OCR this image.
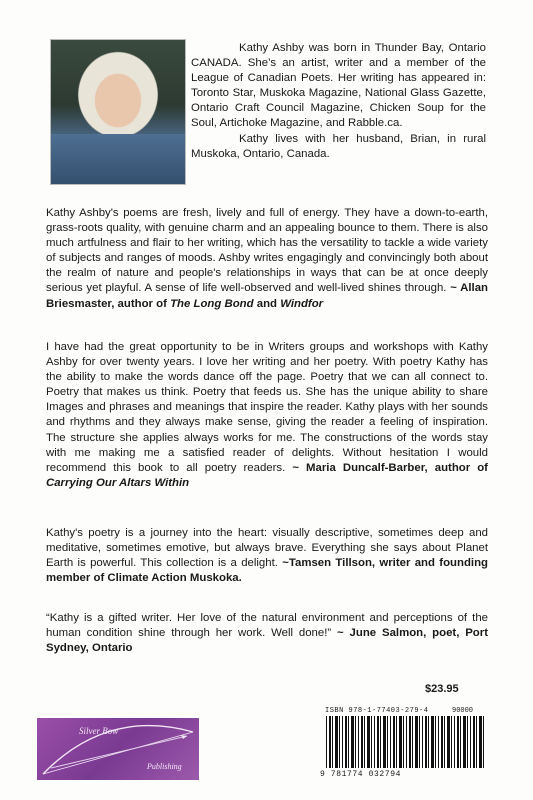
Kathy Ashby was born in Thunder Bay, Ontario CANADA. She’s an artist, writer and a member of the League of Canadian Poets. Her writing has appeared in: Toronto Star, Muskoka Magazine, National Glass Gazette, Ontario Craft Council Magazine, Chicken Soup for the Soul, Artichoke Magazine, and Rabble.ca.

Kathy lives with her husband, Brian, in rural Muskoka, Ontario, Canada.

Kathy Ashby's poems are fresh, lively and full of energy. They have a down-to-earth, grass-roots quality, with genuine charm and an appealing bounce to them. There is also much artfulness and flair to her writing, which has the versatility to tackle a wide variety of subjects and ranges of moods. Ashby writes engagingly and convincingly both about the realm of nature and people's relationships in ways that can be at once deeply serious yet playful. A sense of life well-observed and well-lived shines through. ~ Allan Briesmaster, author of The Long Bond and Windfor

I have had the great opportunity to be in Writers groups and workshops with Kathy Ashby for over twenty years. I love her writing and her poetry. With poetry Kathy has the ability to make the words dance off the page. Poetry that we can all connect to. Poetry that makes us think. Poetry that feeds us. She has the unique ability to share Images and phrases and meanings that inspire the reader. Kathy plays with her sounds and rhythms and they always make sense, giving the reader a feeling of inspiration. The structure she applies always works for me. The constructions of the words stay with me making me a satisfied reader of delights. Without hesitation I would recommend this book to all poetry readers. ~ Maria Duncalf-Barber, author of Carrying Our Altars Within

Kathy's poetry is a journey into the heart: visually descriptive, sometimes deep and meditative, sometimes emotive, but always brave. Everything she says about Planet Earth is powerful. This collection is a delight. ~Tamsen Tillson, writer and founding member of Climate Action Muskoka.

“Kathy is a gifted writer. Her love of the natural environment and perceptions of the human condition shine through her work. Well done!” ~ June Salmon, poet, Port Sydney, Ontario

$23.95
ISBN 978-1-77403-279-4	90000
9 781774 032794
Silver Bow
Publishing
